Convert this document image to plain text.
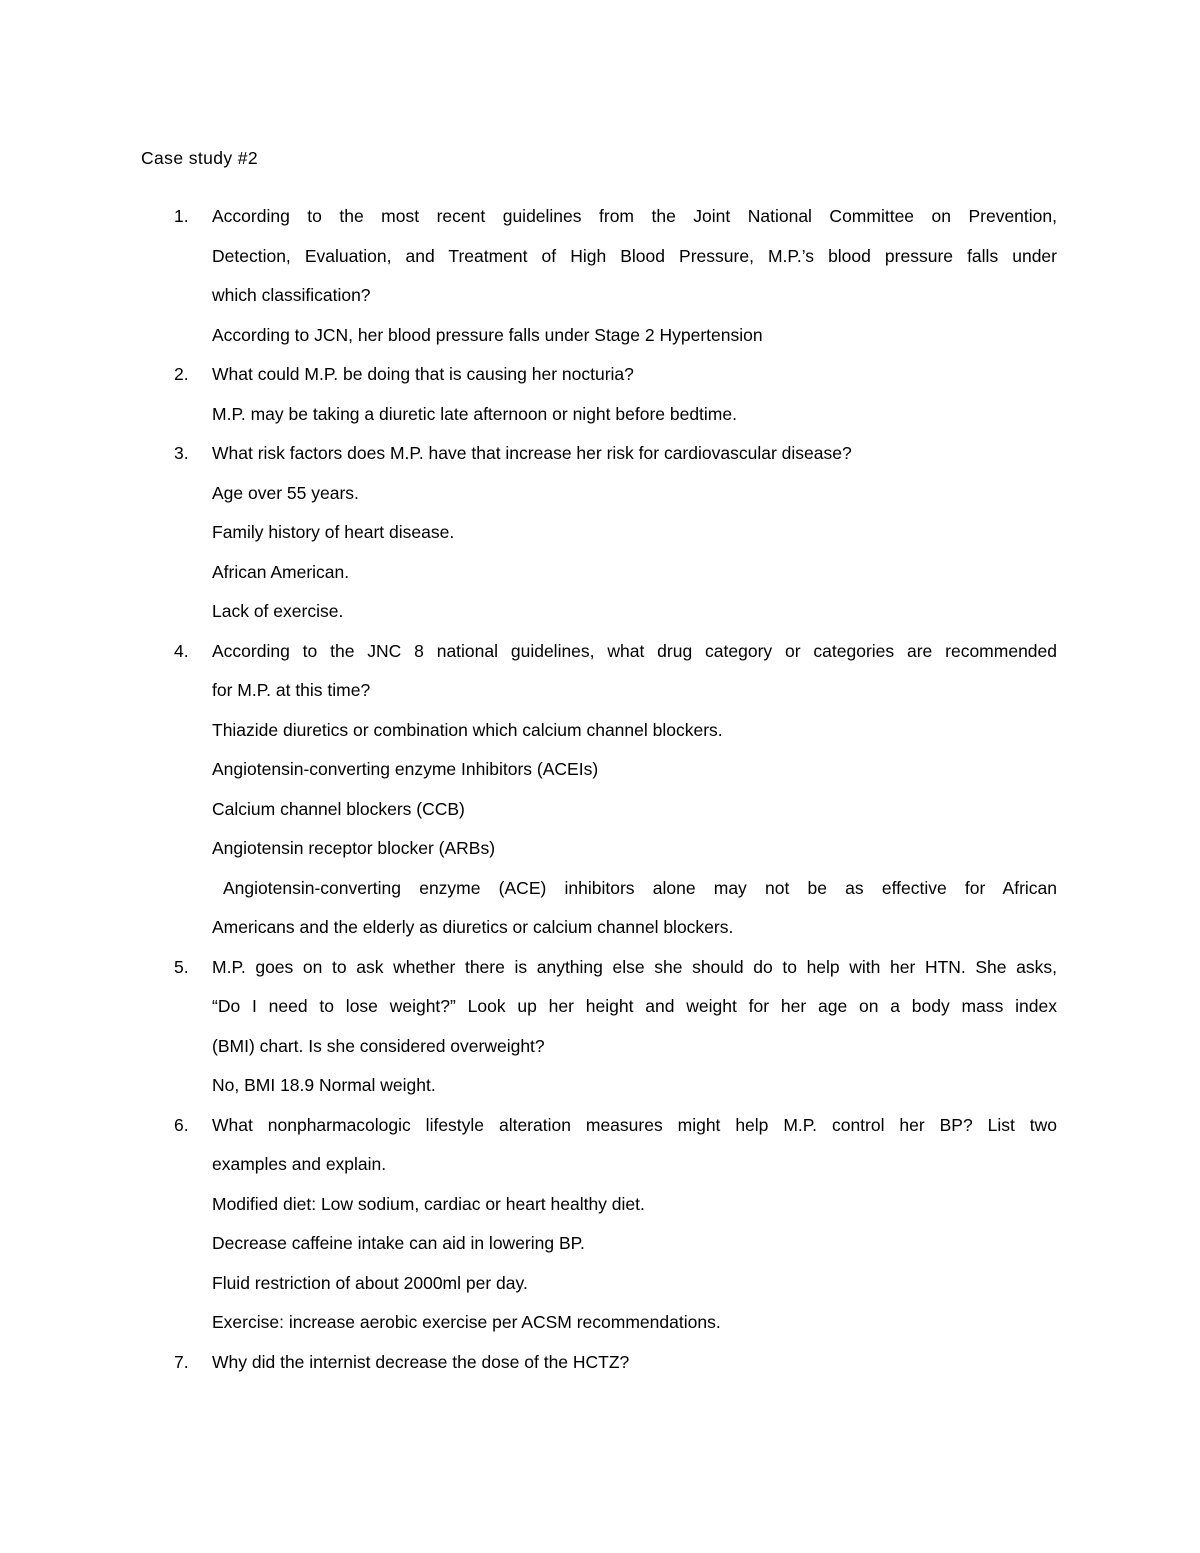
Case study #2
1.	According to the most recent guidelines from the Joint National Committee on Prevention,
Detection, Evaluation, and Treatment of High Blood Pressure, M.P.’s blood pressure falls under
which classification?
According to JCN, her blood pressure falls under Stage 2 Hypertension
2.	What could M.P. be doing that is causing her nocturia?
M.P. may be taking a diuretic late afternoon or night before bedtime.
3.	What risk factors does M.P. have that increase her risk for cardiovascular disease?
Age over 55 years.
Family history of heart disease.
African American.
Lack of exercise.
4.	According to the JNC 8 national guidelines, what drug category or categories are recommended
for M.P. at this time?
Thiazide diuretics or combination which calcium channel blockers.
Angiotensin-converting enzyme Inhibitors (ACEIs)
Calcium channel blockers (CCB)
Angiotensin receptor blocker (ARBs)
Angiotensin-converting enzyme (ACE) inhibitors alone may not be as effective for African
Americans and the elderly as diuretics or calcium channel blockers.
5.	M.P. goes on to ask whether there is anything else she should do to help with her HTN. She asks,
“Do I need to lose weight?” Look up her height and weight for her age on a body mass index
(BMI) chart. Is she considered overweight?
No, BMI 18.9 Normal weight.
6.	What nonpharmacologic lifestyle alteration measures might help M.P. control her BP? List two
examples and explain.
Modified diet: Low sodium, cardiac or heart healthy diet.
Decrease caffeine intake can aid in lowering BP.
Fluid restriction of about 2000ml per day.
Exercise: increase aerobic exercise per ACSM recommendations.
7.	Why did the internist decrease the dose of the HCTZ?
